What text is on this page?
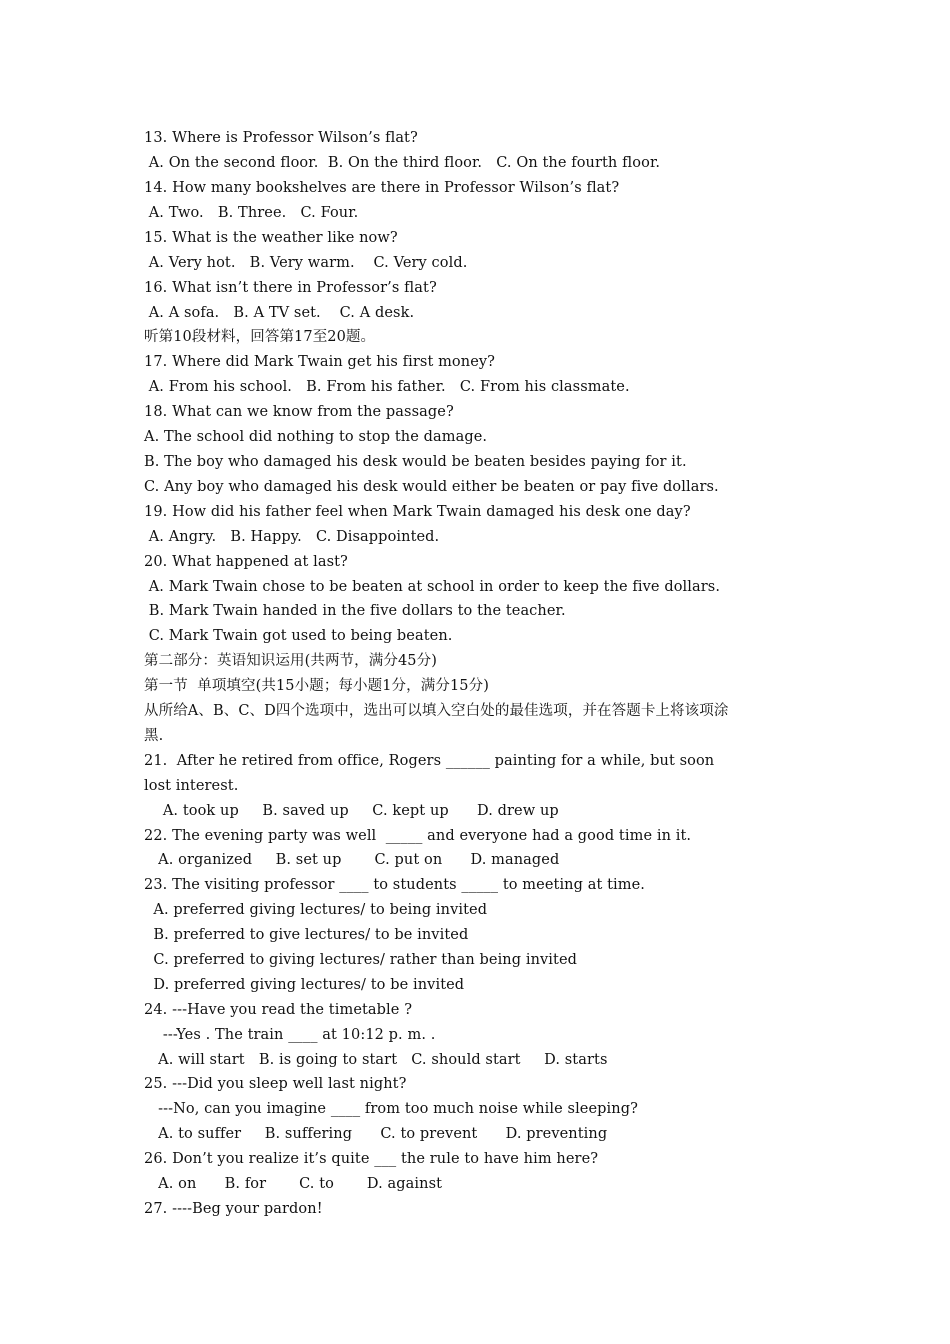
13. Where is Professor Wilson’s flat?
A. On the second floor.  B. On the third floor.   C. On the fourth floor.
14. How many bookshelves are there in Professor Wilson’s flat?
A. Two.   B. Three.   C. Four.
15. What is the weather like now?
A. Very hot.   B. Very warm.    C. Very cold.
16. What isn’t there in Professor’s flat?
A. A sofa.   B. A TV set.    C. A desk.
听第10段材料，回答第17至20题。
17. Where did Mark Twain get his first money?
A. From his school.   B. From his father.   C. From his classmate.
18. What can we know from the passage?
A. The school did nothing to stop the damage.
B. The boy who damaged his desk would be beaten besides paying for it.
C. Any boy who damaged his desk would either be beaten or pay five dollars.
19. How did his father feel when Mark Twain damaged his desk one day?
A. Angry.   B. Happy.   C. Disappointed.
20. What happened at last?
A. Mark Twain chose to be beaten at school in order to keep the five dollars.
B. Mark Twain handed in the five dollars to the teacher.
C. Mark Twain got used to being beaten.
第二部分：英语知识运用(共两节，满分45分)
第一节  单项填空(共15小题；每小题1分，满分15分)
从所给A、B、C、D四个选项中，选出可以填入空白处的最佳选项，并在答题卡上将该项涂
黑.
21.  After he retired from office, Rogers ______ painting for a while, but soon
lost interest.
A. took up     B. saved up     C. kept up      D. drew up
22. The evening party was well  _____ and everyone had a good time in it.
A. organized     B. set up       C. put on      D. managed
23. The visiting professor ____ to students _____ to meeting at time.
A. preferred giving lectures/ to being invited
B. preferred to give lectures/ to be invited
C. preferred to giving lectures/ rather than being invited
D. preferred giving lectures/ to be invited
24. ---Have you read the timetable ?
---Yes . The train ____ at 10:12 p. m. .
A. will start   B. is going to start   C. should start     D. starts
25. ---Did you sleep well last night?
---No, can you imagine ____ from too much noise while sleeping?
A. to suffer     B. suffering      C. to prevent      D. preventing
26. Don’t you realize it’s quite ___ the rule to have him here?
A. on      B. for       C. to       D. against
27. ----Beg your pardon!
